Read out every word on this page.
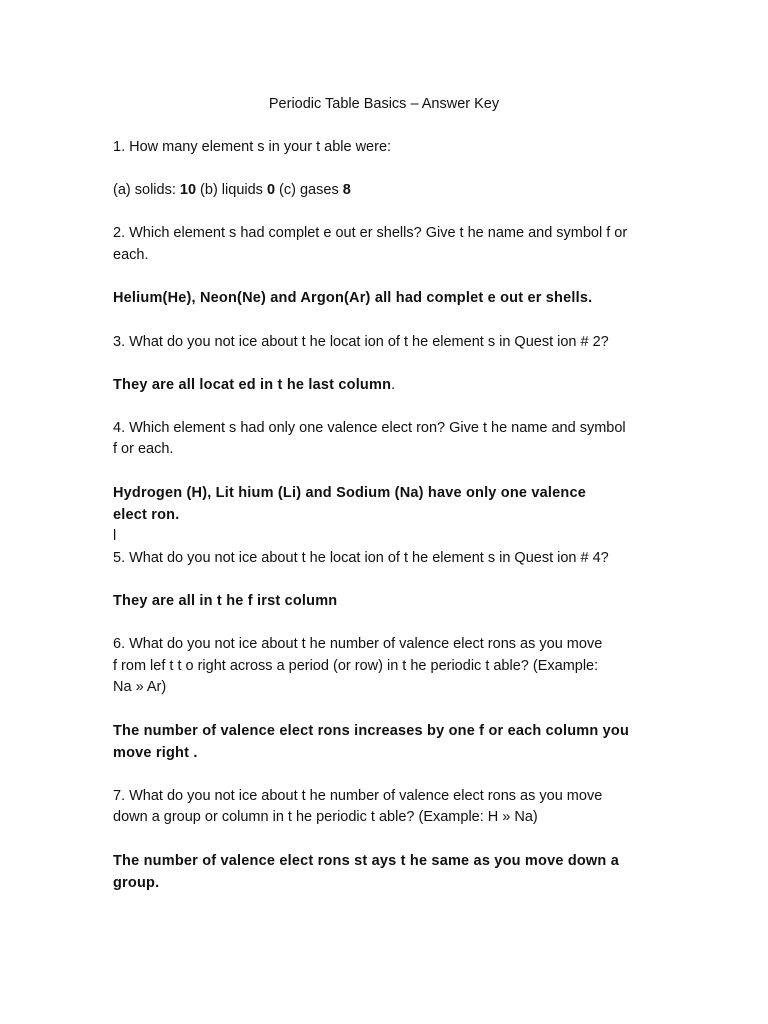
Periodic Table Basics – Answer Key
1. How many element s in your t able were:
(a) solids: 10 (b) liquids 0 (c) gases 8
2. Which element s had complet e out er shells? Give t he name and symbol f or
each.
Helium(He), Neon(Ne) and Argon(Ar) all had complet e out er shells.
3. What do you not ice about t he locat ion of t he element s in Quest ion # 2?
They are all locat ed in t he last column.
4. Which element s had only one valence elect ron? Give t he name and symbol
f or each.
Hydrogen (H), Lit hium (Li) and Sodium (Na) have only one valence
elect ron.
l
5. What do you not ice about t he locat ion of t he element s in Quest ion # 4?
They are all in t he f irst column
6. What do you not ice about t he number of valence elect rons as you move
f rom lef t t o right across a period (or row) in t he periodic t able? (Example:
Na » Ar)
The number of valence elect rons increases by one f or each column you
move right .
7. What do you not ice about t he number of valence elect rons as you move
down a group or column in t he periodic t able? (Example: H » Na)
The number of valence elect rons st ays t he same as you move down a
group.
